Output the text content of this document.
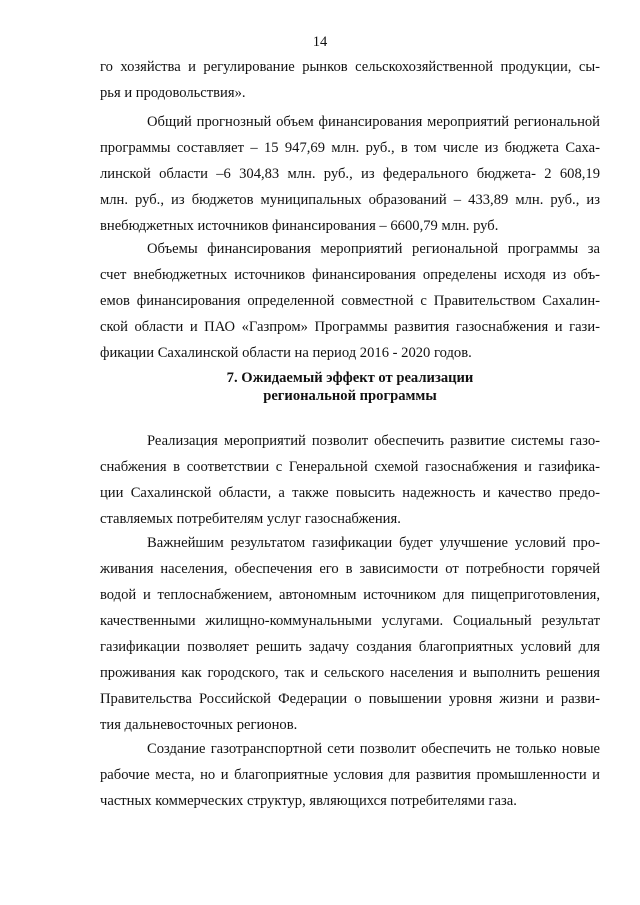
14
го хозяйства и регулирование рынков сельскохозяйственной продукции, сы-
рья и продовольствия».
Общий прогнозный объем финансирования мероприятий региональной
программы составляет – 15 947,69 млн. руб., в том числе из бюджета Саха-
линской области –6 304,83 млн. руб., из федерального бюджета- 2 608,19
млн. руб., из бюджетов муниципальных образований – 433,89 млн. руб., из
внебюджетных источников финансирования – 6600,79 млн. руб.
Объемы финансирования мероприятий региональной программы за
счет внебюджетных источников финансирования определены исходя из объ-
емов финансирования определенной совместной с Правительством Сахалин-
ской области и ПАО «Газпром» Программы развития газоснабжения и гази-
фикации Сахалинской области на период 2016 - 2020 годов.
7. Ожидаемый эффект от реализации
региональной программы
Реализация мероприятий позволит обеспечить развитие системы газо-
снабжения в соответствии с Генеральной схемой газоснабжения и газифика-
ции Сахалинской области, а также повысить надежность и качество предо-
ставляемых потребителям услуг газоснабжения.
Важнейшим результатом газификации будет улучшение условий про-
живания населения, обеспечения его в зависимости от потребности горячей
водой и теплоснабжением, автономным источником для пищеприготовления,
качественными жилищно-коммунальными услугами. Социальный результат
газификации позволяет решить задачу создания благоприятных условий для
проживания как городского, так и сельского населения и выполнить решения
Правительства Российской Федерации о повышении уровня жизни и разви-
тия дальневосточных регионов.
Создание газотранспортной сети позволит обеспечить не только новые
рабочие места, но и благоприятные условия для развития промышленности и
частных коммерческих структур, являющихся потребителями газа.
